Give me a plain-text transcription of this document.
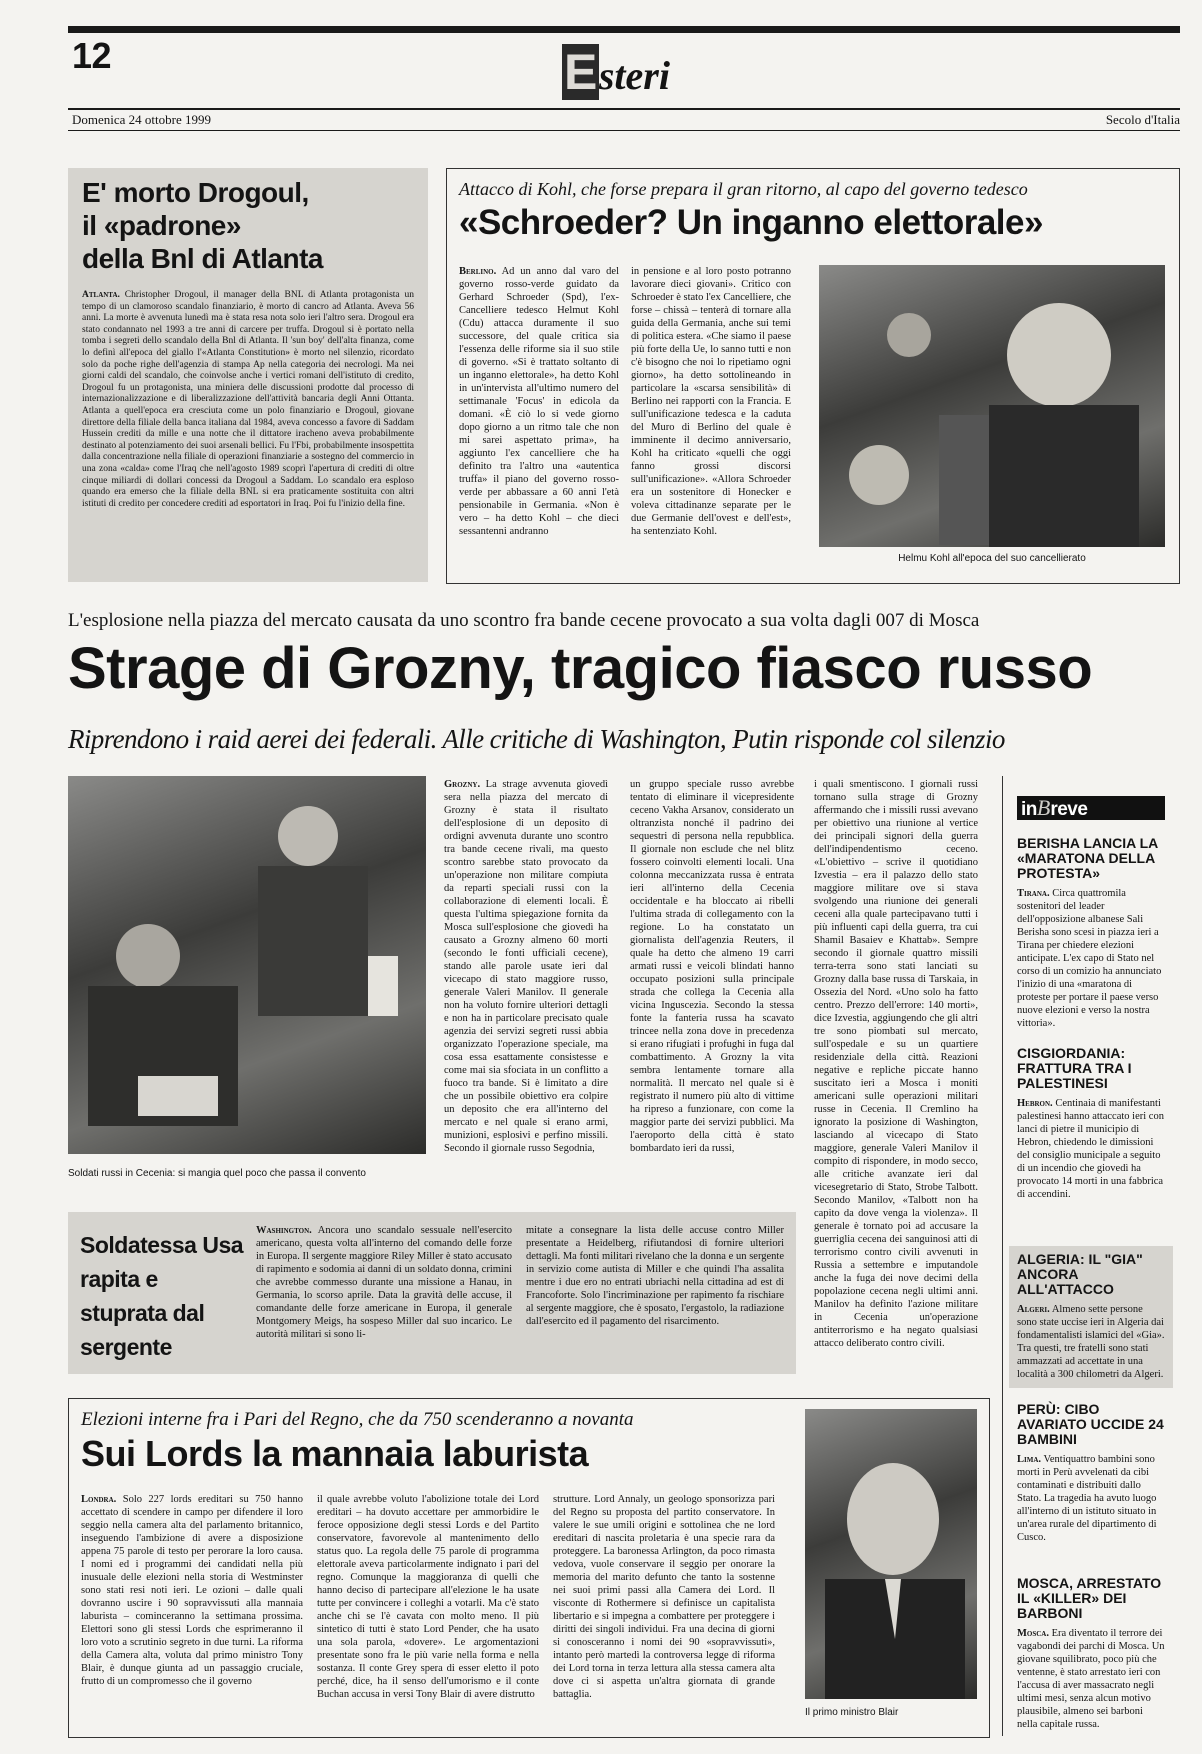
12	Esteri
Domenica 24 ottobre 1999	Secolo d'Italia
E' morto Drogoul,
il «padrone»
della Bnl di Atlanta
Atlanta. Christopher Drogoul, il manager della BNL di Atlanta protagonista un tempo di un clamoroso scandalo finanziario, è morto di cancro ad Atlanta. Aveva 56 anni. La morte è avvenuta lunedì ma è stata resa nota solo ieri l'altro sera. Drogoul era stato condannato nel 1993 a tre anni di carcere per truffa. Drogoul si è portato nella tomba i segreti dello scandalo della Bnl di Atlanta. Il 'sun boy' dell'alta finanza, come lo definì all'epoca del giallo l'«Atlanta Constitution» è morto nel silenzio, ricordato solo da poche righe dell'agenzia di stampa Ap nella categoria dei necrologi. Ma nei giorni caldi del scandalo, che coinvolse anche i vertici romani dell'istituto di credito, Drogoul fu un protagonista, una miniera delle discussioni prodotte dal processo di internazionalizzazione e di liberalizzazione dell'attività bancaria degli Anni Ottanta. Atlanta a quell'epoca era cresciuta come un polo finanziario e Drogoul, giovane direttore della filiale della banca italiana dal 1984, aveva concesso a favore di Saddam Hussein crediti da mille e una notte che il dittatore iracheno aveva probabilmente destinato al potenziamento dei suoi arsenali bellici. Fu l'Fbi, probabilmente insospettita dalla concentrazione nella filiale di operazioni finanziarie a sostegno del commercio in una zona «calda» come l'Iraq che nell'agosto 1989 scoprì l'apertura di crediti di oltre cinque miliardi di dollari concessi da Drogoul a Saddam. Lo scandalo era esploso quando era emerso che la filiale della BNL si era praticamente sostituita con altri istituti di credito per concedere crediti ad esportatori in Iraq. Poi fu l'inizio della fine.
Attacco di Kohl, che forse prepara il gran ritorno, al capo del governo tedesco
«Schroeder? Un inganno elettorale»
Berlino. Ad un anno dal varo del governo rosso-verde guidato da Gerhard Schroeder (Spd), l'ex-Cancelliere tedesco Helmut Kohl (Cdu) attacca duramente il suo successore, del quale critica sia l'essenza delle riforme sia il suo stile di governo. «Si è trattato soltanto di un inganno elettorale», ha detto Kohl in un'intervista all'ultimo numero del settimanale 'Focus' in edicola da domani. «È ciò lo si vede giorno dopo giorno a un ritmo tale che non mi sarei aspettato prima», ha aggiunto l'ex cancelliere che ha definito tra l'altro una «autentica truffa» il piano del governo rosso-verde per abbassare a 60 anni l'età pensionabile in Germania. «Non è vero – ha detto Kohl – che dieci sessantenni andranno
in pensione e al loro posto potranno lavorare dieci giovani». Critico con Schroeder è stato l'ex Cancelliere, che forse – chissà – tenterà di tornare alla guida della Germania, anche sui temi di politica estera. «Che siamo il paese più forte della Ue, lo sanno tutti e non c'è bisogno che noi lo ripetiamo ogni giorno», ha detto sottolineando in particolare la «scarsa sensibilità» di Berlino nei rapporti con la Francia. E sull'unificazione tedesca e la caduta del Muro di Berlino del quale è imminente il decimo anniversario, Kohl ha criticato «quelli che oggi fanno grossi discorsi sull'unificazione». «Allora Schroeder era un sostenitore di Honecker e voleva cittadinanze separate per le due Germanie dell'ovest e dell'est», ha sentenziato Kohl.
Helmu Kohl all'epoca del suo cancellierato
L'esplosione nella piazza del mercato causata da uno scontro fra bande cecene provocato a sua volta dagli 007 di Mosca
Strage di Grozny, tragico fiasco russo
Riprendono i raid aerei dei federali. Alle critiche di Washington, Putin risponde col silenzio
Soldati russi in Cecenia: si mangia quel poco che passa il convento
Grozny. La strage avvenuta giovedì sera nella piazza del mercato di Grozny è stata il risultato dell'esplosione di un deposito di ordigni avvenuta durante uno scontro tra bande cecene rivali, ma questo scontro sarebbe stato provocato da un'operazione non militare compiuta da reparti speciali russi con la collaborazione di elementi locali. È questa l'ultima spiegazione fornita da Mosca sull'esplosione che giovedì ha causato a Grozny almeno 60 morti (secondo le fonti ufficiali cecene), stando alle parole usate ieri dal vicecapo di stato maggiore russo, generale Valeri Manilov. Il generale non ha voluto fornire ulteriori dettagli e non ha in particolare precisato quale agenzia dei servizi segreti russi abbia organizzato l'operazione speciale, ma cosa essa esattamente consistesse e come mai sia sfociata in un conflitto a fuoco tra bande. Si è limitato a dire che un possibile obiettivo era colpire un deposito che era all'interno del mercato e nel quale si erano armi, munizioni, esplosivi e perfino missili. Secondo il giornale russo Segodnia,
un gruppo speciale russo avrebbe tentato di eliminare il vicepresidente ceceno Vakha Arsanov, considerato un oltranzista nonché il padrino dei sequestri di persona nella repubblica. Il giornale non esclude che nel blitz fossero coinvolti elementi locali. Una colonna meccanizzata russa è entrata ieri all'interno della Cecenia occidentale e ha bloccato ai ribelli l'ultima strada di collegamento con la regione. Lo ha constatato un giornalista dell'agenzia Reuters, il quale ha detto che almeno 19 carri armati russi e veicoli blindati hanno occupato posizioni sulla principale strada che collega la Cecenia alla vicina Inguscezia. Secondo la stessa fonte la fanteria russa ha scavato trincee nella zona dove in precedenza si erano rifugiati i profughi in fuga dal combattimento. A Grozny la vita sembra lentamente tornare alla normalità. Il mercato nel quale si è registrato il numero più alto di vittime ha ripreso a funzionare, con come la maggior parte dei servizi pubblici. Ma l'aeroporto della città è stato bombardato ieri da russi,
i quali smentiscono. I giornali russi tornano sulla strage di Grozny affermando che i missili russi avevano per obiettivo una riunione al vertice dei principali signori della guerra dell'indipendentismo ceceno. «L'obiettivo – scrive il quotidiano Izvestia – era il palazzo dello stato maggiore militare ove si stava svolgendo una riunione dei generali ceceni alla quale partecipavano tutti i più influenti capi della guerra, tra cui Shamil Basaiev e Khattab». Sempre secondo il giornale quattro missili terra-terra sono stati lanciati su Grozny dalla base russa di Tarskaia, in Ossezia del Nord. «Uno solo ha fatto centro. Prezzo dell'errore: 140 morti», dice Izvestia, aggiungendo che gli altri tre sono piombati sul mercato, sull'ospedale e su un quartiere residenziale della città. Reazioni negative e repliche piccate hanno suscitato ieri a Mosca i moniti americani sulle operazioni militari russe in Cecenia. Il Cremlino ha ignorato la posizione di Washington, lasciando al vicecapo di Stato maggiore, generale Valeri Manilov il compito di rispondere, in modo secco, alle critiche avanzate ieri dal vicesegretario di Stato, Strobe Talbott. Secondo Manilov, «Talbott non ha capito da dove venga la violenza». Il generale è tornato poi ad accusare la guerriglia cecena dei sanguinosi atti di terrorismo contro civili avvenuti in Russia a settembre e imputandole anche la fuga dei nove decimi della popolazione cecena negli ultimi anni. Manilov ha definito l'azione militare in Cecenia un'operazione antiterrorismo e ha negato qualsiasi attacco deliberato contro civili.
Soldatessa Usa rapita e stuprata dal sergente
Washington. Ancora uno scandalo sessuale nell'esercito americano, questa volta all'interno del comando delle forze in Europa. Il sergente maggiore Riley Miller è stato accusato di rapimento e sodomia ai danni di un soldato donna, crimini che avrebbe commesso durante una missione a Hanau, in Germania, lo scorso aprile. Data la gravità delle accuse, il comandante delle forze americane in Europa, il generale Montgomery Meigs, ha sospeso Miller dal suo incarico. Le autorità militari si sono li-
mitate a consegnare la lista delle accuse contro Miller presentate a Heidelberg, rifiutandosi di fornire ulteriori dettagli. Ma fonti militari rivelano che la donna e un sergente in servizio come autista di Miller e che quindi l'ha assalita mentre i due ero no entrati ubriachi nella cittadina ad est di Francoforte. Solo l'incriminazione per rapimento fa rischiare al sergente maggiore, che è sposato, l'ergastolo, la radiazione dall'esercito ed il pagamento del risarcimento.
Elezioni interne fra i Pari del Regno, che da 750 scenderanno a novanta
Sui Lords la mannaia laburista
Londra. Solo 227 lords ereditari su 750 hanno accettato di scendere in campo per difendere il loro seggio nella camera alta del parlamento britannico, inseguendo l'ambizione di avere a disposizione appena 75 parole di testo per perorare la loro causa. I nomi ed i programmi dei candidati nella più inusuale delle elezioni nella storia di Westminster sono stati resi noti ieri. Le ozioni – dalle quali dovranno uscire i 90 sopravvissuti alla mannaia laburista – cominceranno la settimana prossima. Elettori sono gli stessi Lords che esprimeranno il loro voto a scrutinio segreto in due turni. La riforma della Camera alta, voluta dal primo ministro Tony Blair, è dunque giunta ad un passaggio cruciale, frutto di un compromesso che il governo
il quale avrebbe voluto l'abolizione totale dei Lord ereditari – ha dovuto accettare per ammorbidire le feroce opposizione degli stessi Lords e del Partito conservatore, favorevole al mantenimento dello status quo. La regola delle 75 parole di programma elettorale aveva particolarmente indignato i pari del regno. Comunque la maggioranza di quelli che hanno deciso di partecipare all'elezione le ha usate tutte per convincere i colleghi a votarli. Ma c'è stato anche chi se l'è cavata con molto meno. Il più sintetico di tutti è stato Lord Pender, che ha usato una sola parola, «dovere». Le argomentazioni presentate sono fra le più varie nella forma e nella sostanza. Il conte Grey spera di esser eletto il poto perché, dice, ha il senso dell'umorismo e il conte Buchan accusa in versi Tony Blair di avere distrutto
strutture. Lord Annaly, un geologo sponsorizza pari del Regno su proposta del partito conservatore. In valere le sue umili origini e sottolinea che ne lord ereditari di nascita proletaria è una specie rara da proteggere. La baronessa Arlington, da poco rimasta vedova, vuole conservare il seggio per onorare la memoria del marito defunto che tanto la sostenne nei suoi primi passi alla Camera dei Lord. Il visconte di Rothermere si definisce un capitalista libertario e si impegna a combattere per proteggere i diritti dei singoli individui. Fra una decina di giorni si conosceranno i nomi dei 90 «sopravvissuti», intanto però martedì la controversa legge di riforma dei Lord torna in terza lettura alla stessa camera alta dove ci si aspetta un'altra giornata di grande battaglia.
Il primo ministro Blair
inBreve
BERISHA LANCIA LA «MARATONA DELLA PROTESTA»
Tirana. Circa quattromila sostenitori del leader dell'opposizione albanese Sali Berisha sono scesi in piazza ieri a Tirana per chiedere elezioni anticipate. L'ex capo di Stato nel corso di un comizio ha annunciato l'inizio di una «maratona di proteste per portare il paese verso nuove elezioni e verso la nostra vittoria».
CISGIORDANIA: FRATTURA TRA I PALESTINESI
Hebron. Centinaia di manifestanti palestinesi hanno attaccato ieri con lanci di pietre il municipio di Hebron, chiedendo le dimissioni del consiglio municipale a seguito di un incendio che giovedì ha provocato 14 morti in una fabbrica di accendini.
ALGERIA: IL "GIA" ANCORA ALL'ATTACCO
Algeri. Almeno sette persone sono state uccise ieri in Algeria dai fondamentalisti islamici del «Gia». Tra questi, tre fratelli sono stati ammazzati ad accettate in una località a 300 chilometri da Algeri.
PERÙ: CIBO AVARIATO UCCIDE 24 BAMBINI
Lima. Ventiquattro bambini sono morti in Perù avvelenati da cibi contaminati e distribuiti dallo Stato. La tragedia ha avuto luogo all'interno di un istituto situato in un'area rurale del dipartimento di Cusco.
MOSCA, ARRESTATO IL «KILLER» DEI BARBONI
Mosca. Era diventato il terrore dei vagabondi dei parchi di Mosca. Un giovane squilibrato, poco più che ventenne, è stato arrestato ieri con l'accusa di aver massacrato negli ultimi mesi, senza alcun motivo plausibile, almeno sei barboni nella capitale russa.
